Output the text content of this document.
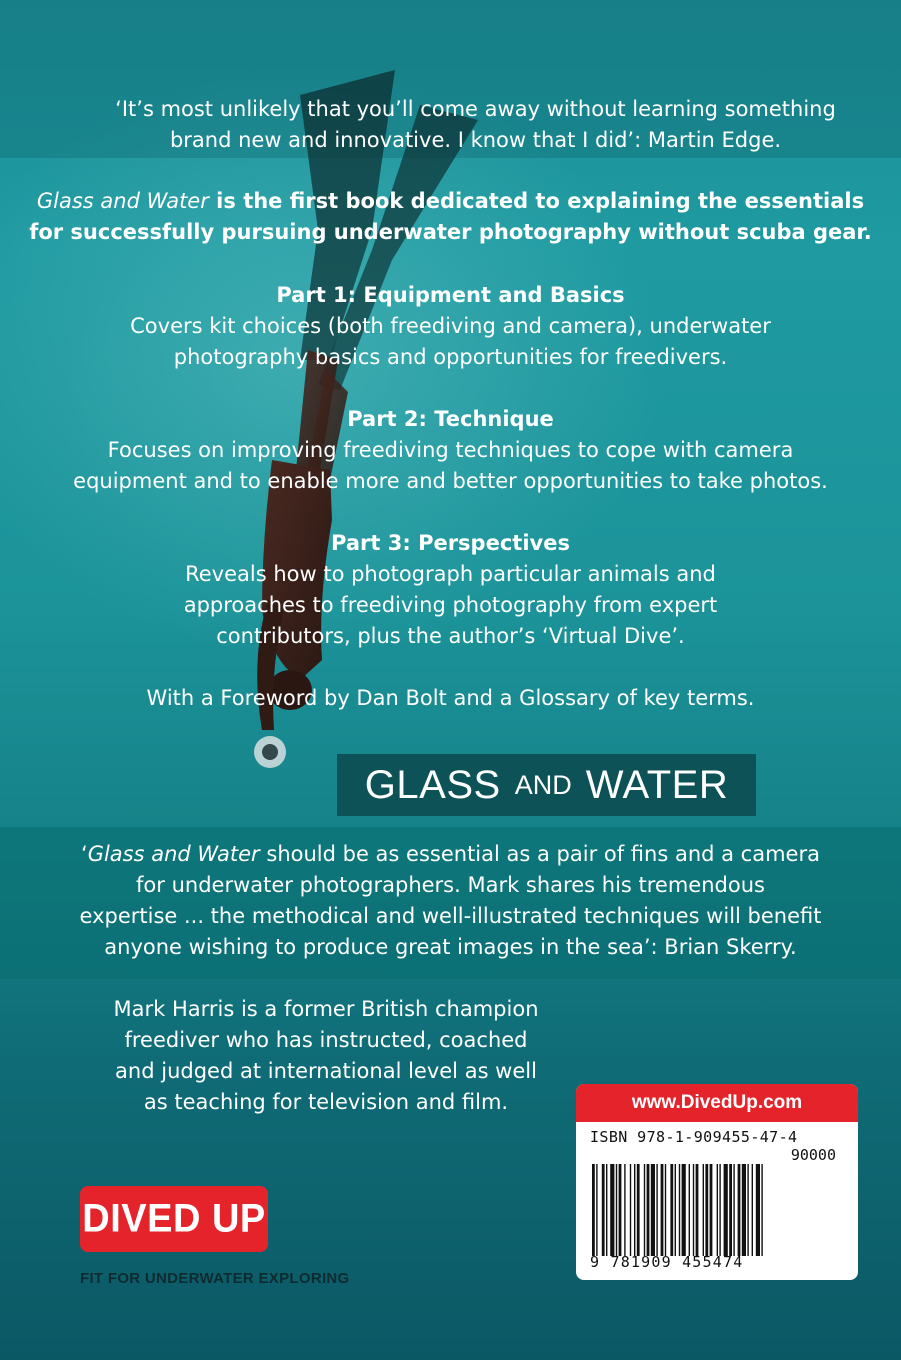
‘It’s most unlikely that you’ll come away without learning something
brand new and innovative. I know that I did’: Martin Edge.
Glass and Water is the first book dedicated to explaining the essentials
for successfully pursuing underwater photography without scuba gear.
Part 1: Equipment and Basics
Covers kit choices (both freediving and camera), underwater
photography basics and opportunities for freedivers.
Part 2: Technique
Focuses on improving freediving techniques to cope with camera
equipment and to enable more and better opportunities to take photos.
Part 3: Perspectives
Reveals how to photograph particular animals and
approaches to freediving photography from expert
contributors, plus the author’s ‘Virtual Dive’.
With a Foreword by Dan Bolt and a Glossary of key terms.
GLASS AND WATER
‘Glass and Water should be as essential as a pair of fins and a camera
for underwater photographers. Mark shares his tremendous
expertise ... the methodical and well-illustrated techniques will benefit
anyone wishing to produce great images in the sea’: Brian Skerry.
Mark Harris is a former British champion
freediver who has instructed, coached
and judged at international level as well
as teaching for television and film.
DIVED UP
FIT FOR UNDERWATER EXPLORING
www.DivedUp.com
ISBN 978-1-909455-47-4
90000
9 781909 455474
